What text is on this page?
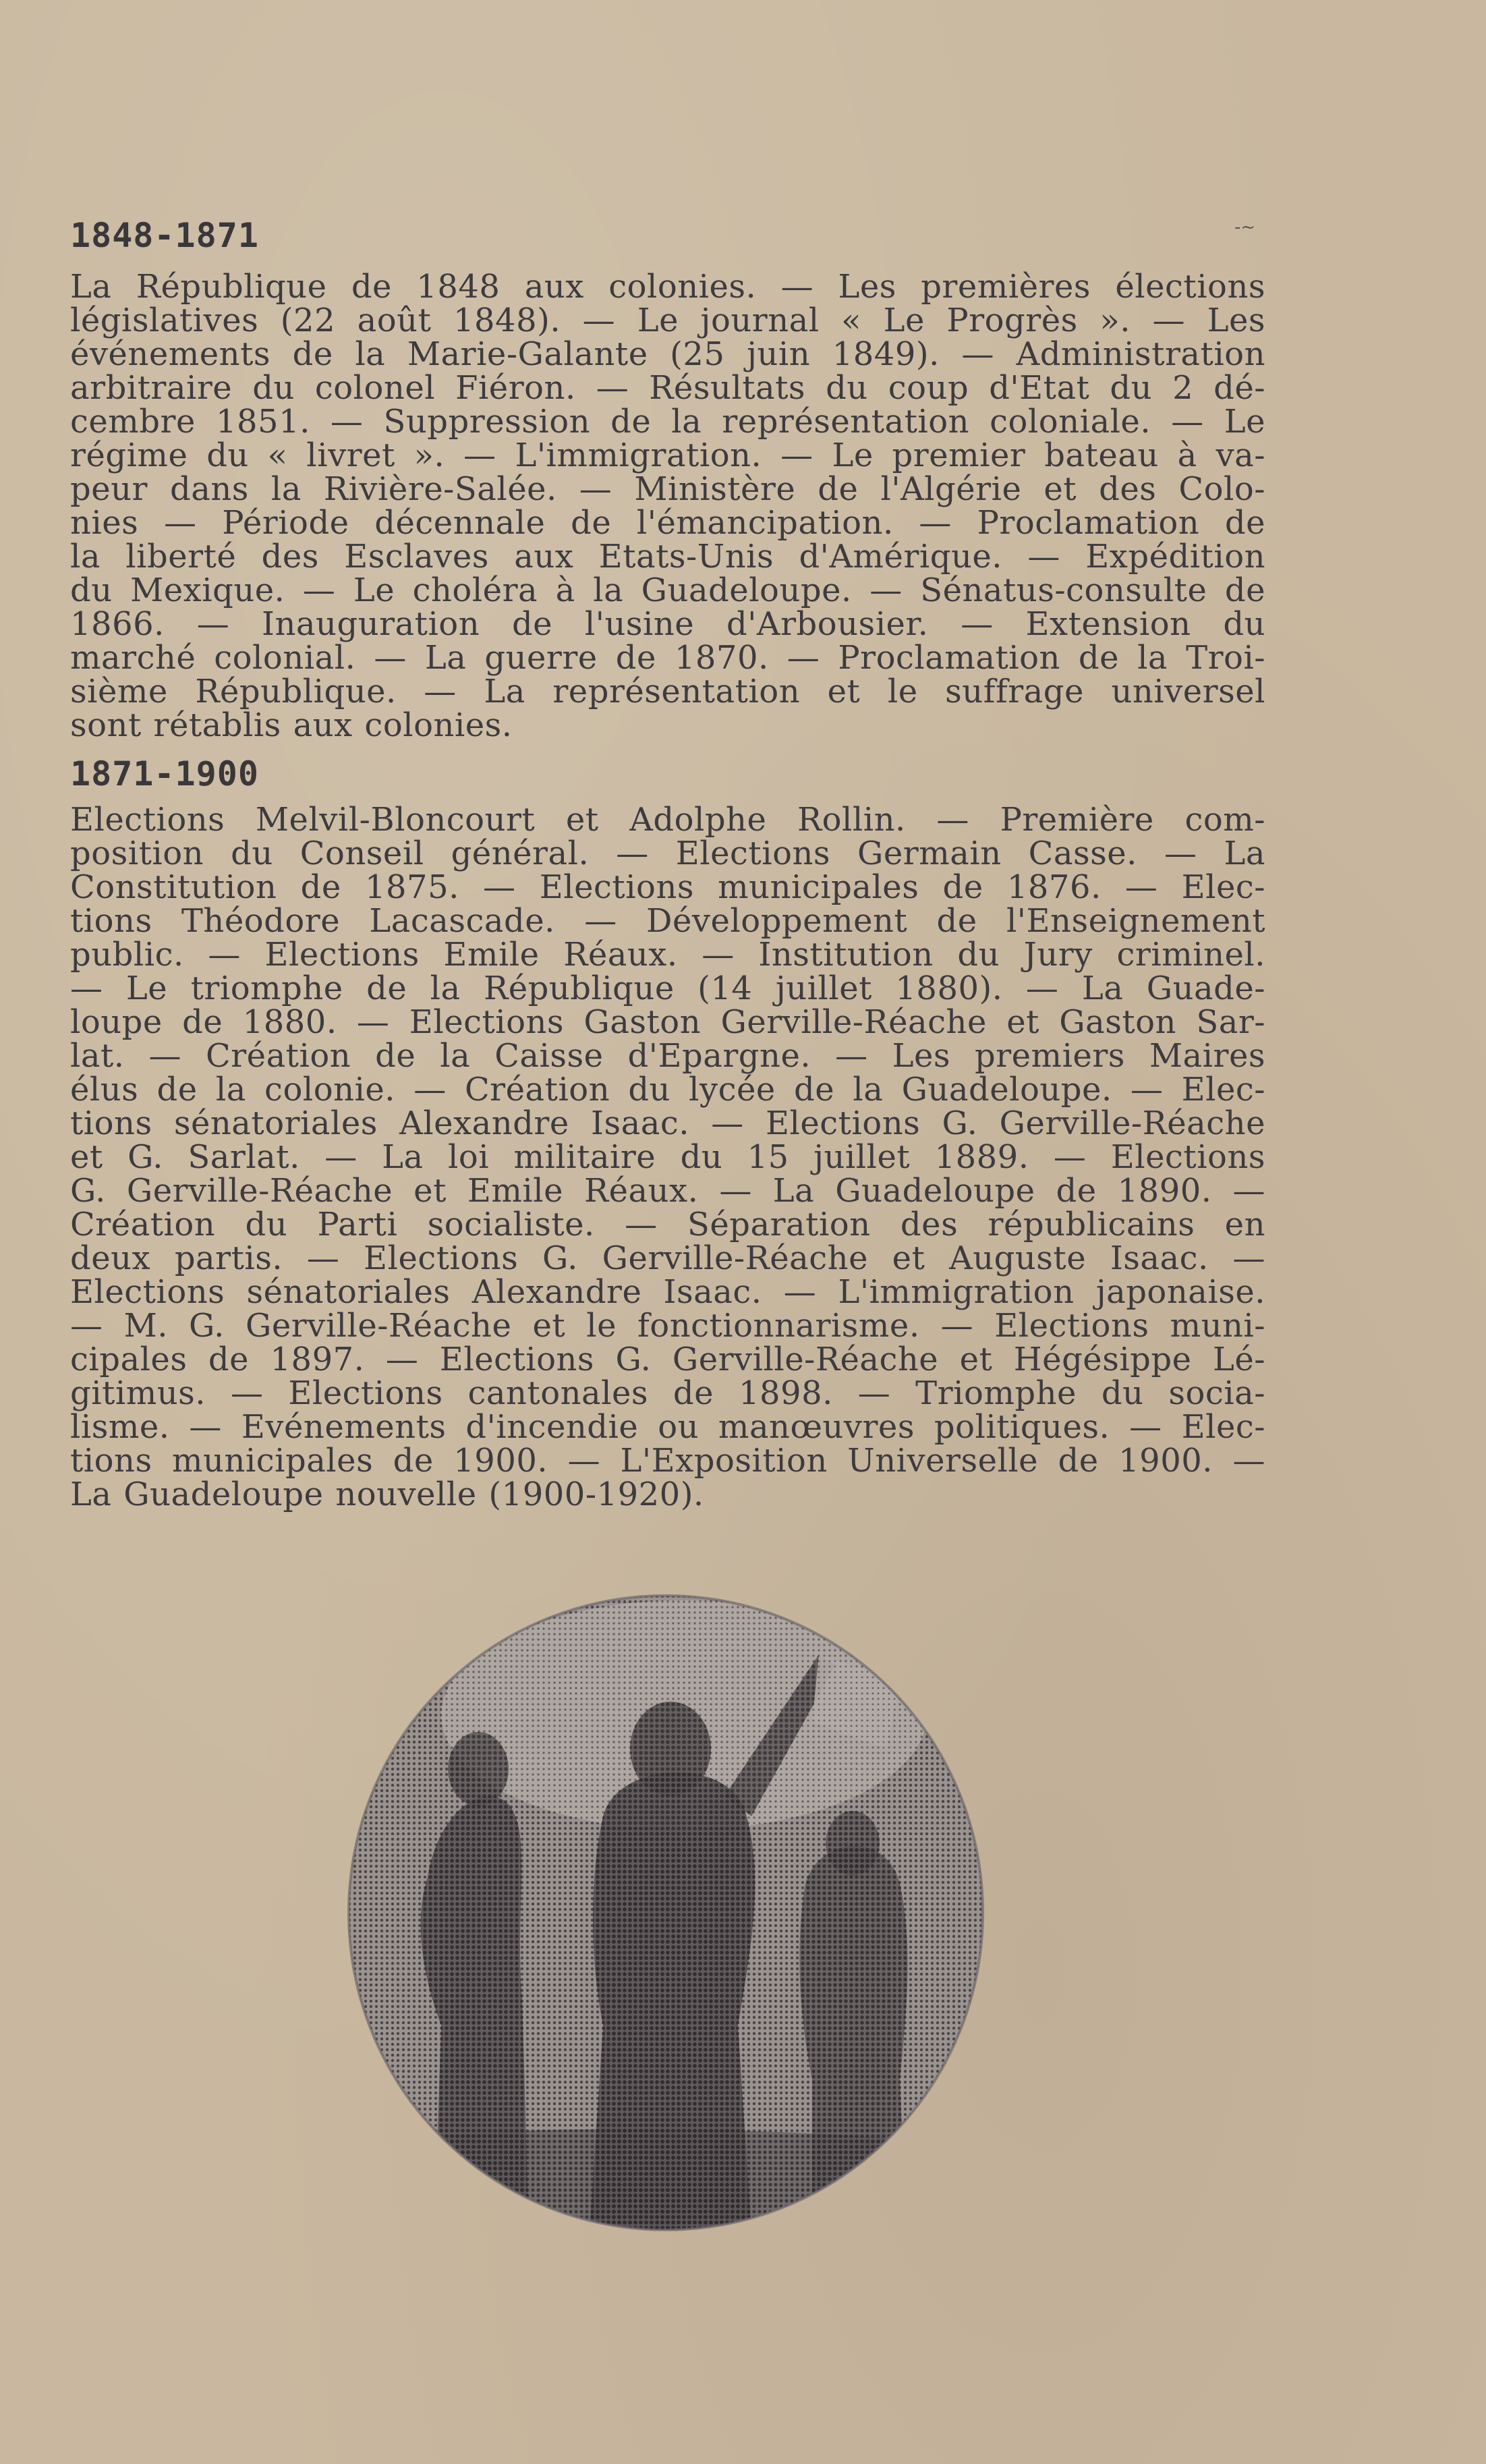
-~
1848-1871
La République de 1848 aux colonies. — Les premières élections
législatives (22 août 1848). — Le journal « Le Progrès ». — Les
événements de la Marie-Galante (25 juin 1849). — Administration
arbitraire du colonel Fiéron. — Résultats du coup d'Etat du 2 dé-
cembre 1851. — Suppression de la représentation coloniale. — Le
régime du « livret ». — L'immigration. — Le premier bateau à va-
peur dans la Rivière-Salée. — Ministère de l'Algérie et des Colo-
nies — Période décennale de l'émancipation. — Proclamation de
la liberté des Esclaves aux Etats-Unis d'Amérique. — Expédition
du Mexique. — Le choléra à la Guadeloupe. — Sénatus-consulte de
1866. — Inauguration de l'usine d'Arbousier. — Extension du
marché colonial. — La guerre de 1870. — Proclamation de la Troi-
sième République. — La représentation et le suffrage universel
sont rétablis aux colonies.
1871-1900
Elections Melvil-Bloncourt et Adolphe Rollin. — Première com-
position du Conseil général. — Elections Germain Casse. — La
Constitution de 1875. — Elections municipales de 1876. — Elec-
tions Théodore Lacascade. — Développement de l'Enseignement
public. — Elections Emile Réaux. — Institution du Jury criminel.
— Le triomphe de la République (14 juillet 1880). — La Guade-
loupe de 1880. — Elections Gaston Gerville-Réache et Gaston Sar-
lat. — Création de la Caisse d'Epargne. — Les premiers Maires
élus de la colonie. — Création du lycée de la Guadeloupe. — Elec-
tions sénatoriales Alexandre Isaac. — Elections G. Gerville-Réache
et G. Sarlat. — La loi militaire du 15 juillet 1889. — Elections
G. Gerville-Réache et Emile Réaux. — La Guadeloupe de 1890. —
Création du Parti socialiste. — Séparation des républicains en
deux partis. — Elections G. Gerville-Réache et Auguste Isaac. —
Elections sénatoriales Alexandre Isaac. — L'immigration japonaise.
— M. G. Gerville-Réache et le fonctionnarisme. — Elections muni-
cipales de 1897. — Elections G. Gerville-Réache et Hégésippe Lé-
gitimus. — Elections cantonales de 1898. — Triomphe du socia-
lisme. — Evénements d'incendie ou manœuvres politiques. — Elec-
tions municipales de 1900. — L'Exposition Universelle de 1900. —
La Guadeloupe nouvelle (1900-1920).
